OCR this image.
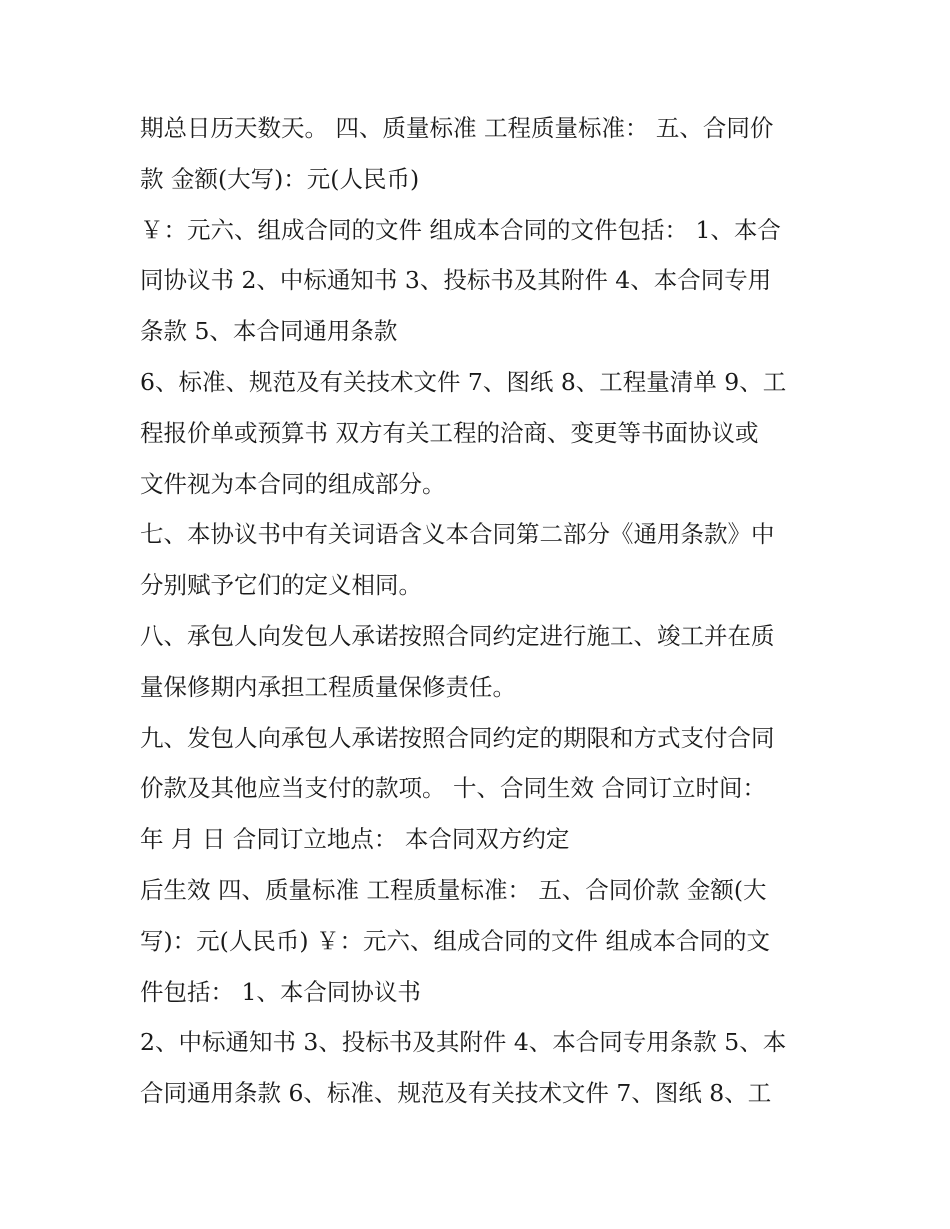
期总日历天数天。 四、质量标准 工程质量标准： 五、合同价
款 金额(大写)：元(人民币)
￥：元六、组成合同的文件 组成本合同的文件包括： 1、本合
同协议书 2、中标通知书 3、投标书及其附件 4、本合同专用
条款 5、本合同通用条款
6、标准、规范及有关技术文件 7、图纸 8、工程量清单 9、工
程报价单或预算书 双方有关工程的洽商、变更等书面协议或
文件视为本合同的组成部分。
七、本协议书中有关词语含义本合同第二部分《通用条款》中
分别赋予它们的定义相同。
八、承包人向发包人承诺按照合同约定进行施工、竣工并在质
量保修期内承担工程质量保修责任。
九、发包人向承包人承诺按照合同约定的期限和方式支付合同
价款及其他应当支付的款项。 十、合同生效 合同订立时间：
年 月 日 合同订立地点： 本合同双方约定
后生效 四、质量标准 工程质量标准： 五、合同价款 金额(大
写)：元(人民币) ￥：元六、组成合同的文件 组成本合同的文
件包括： 1、本合同协议书
2、中标通知书 3、投标书及其附件 4、本合同专用条款 5、本
合同通用条款 6、标准、规范及有关技术文件 7、图纸 8、工
